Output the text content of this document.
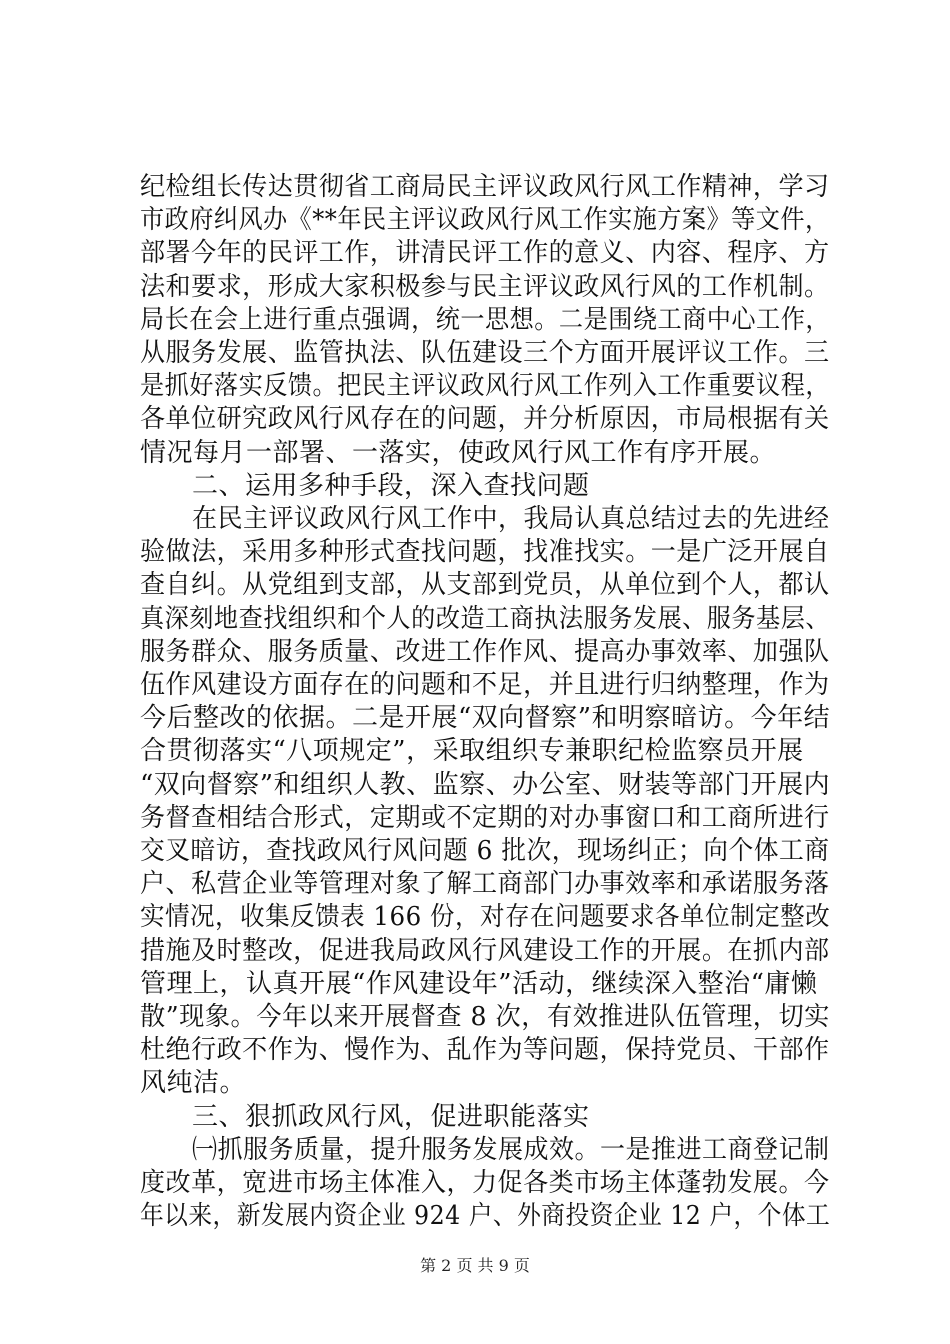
纪检组长传达贯彻省工商局民主评议政风行风工作精神，学习
市政府纠风办《**年民主评议政风行风工作实施方案》等文件，
部署今年的民评工作，讲清民评工作的意义、内容、程序、方
法和要求，形成大家积极参与民主评议政风行风的工作机制。
局长在会上进行重点强调，统一思想。二是围绕工商中心工作，
从服务发展、监管执法、队伍建设三个方面开展评议工作。三
是抓好落实反馈。把民主评议政风行风工作列入工作重要议程，
各单位研究政风行风存在的问题，并分析原因，市局根据有关
情况每月一部署、一落实，使政风行风工作有序开展。
二、运用多种手段，深入查找问题
在民主评议政风行风工作中，我局认真总结过去的先进经
验做法，采用多种形式查找问题，找准找实。一是广泛开展自
查自纠。从党组到支部，从支部到党员，从单位到个人，都认
真深刻地查找组织和个人的改造工商执法服务发展、服务基层、
服务群众、服务质量、改进工作作风、提高办事效率、加强队
伍作风建设方面存在的问题和不足，并且进行归纳整理，作为
今后整改的依据。二是开展“双向督察”和明察暗访。今年结
合贯彻落实“八项规定”，采取组织专兼职纪检监察员开展
“双向督察”和组织人教、监察、办公室、财装等部门开展内
务督查相结合形式，定期或不定期的对办事窗口和工商所进行
交叉暗访，查找政风行风问题 6 批次，现场纠正；向个体工商
户、私营企业等管理对象了解工商部门办事效率和承诺服务落
实情况，收集反馈表 166 份，对存在问题要求各单位制定整改
措施及时整改，促进我局政风行风建设工作的开展。在抓内部
管理上，认真开展“作风建设年”活动，继续深入整治“庸懒
散”现象。今年以来开展督查 8 次，有效推进队伍管理，切实
杜绝行政不作为、慢作为、乱作为等问题，保持党员、干部作
风纯洁。
三、狠抓政风行风，促进职能落实
㈠抓服务质量，提升服务发展成效。一是推进工商登记制
度改革，宽进市场主体准入，力促各类市场主体蓬勃发展。今
年以来，新发展内资企业 924 户、外商投资企业 12 户，个体工
第 2 页 共 9 页
